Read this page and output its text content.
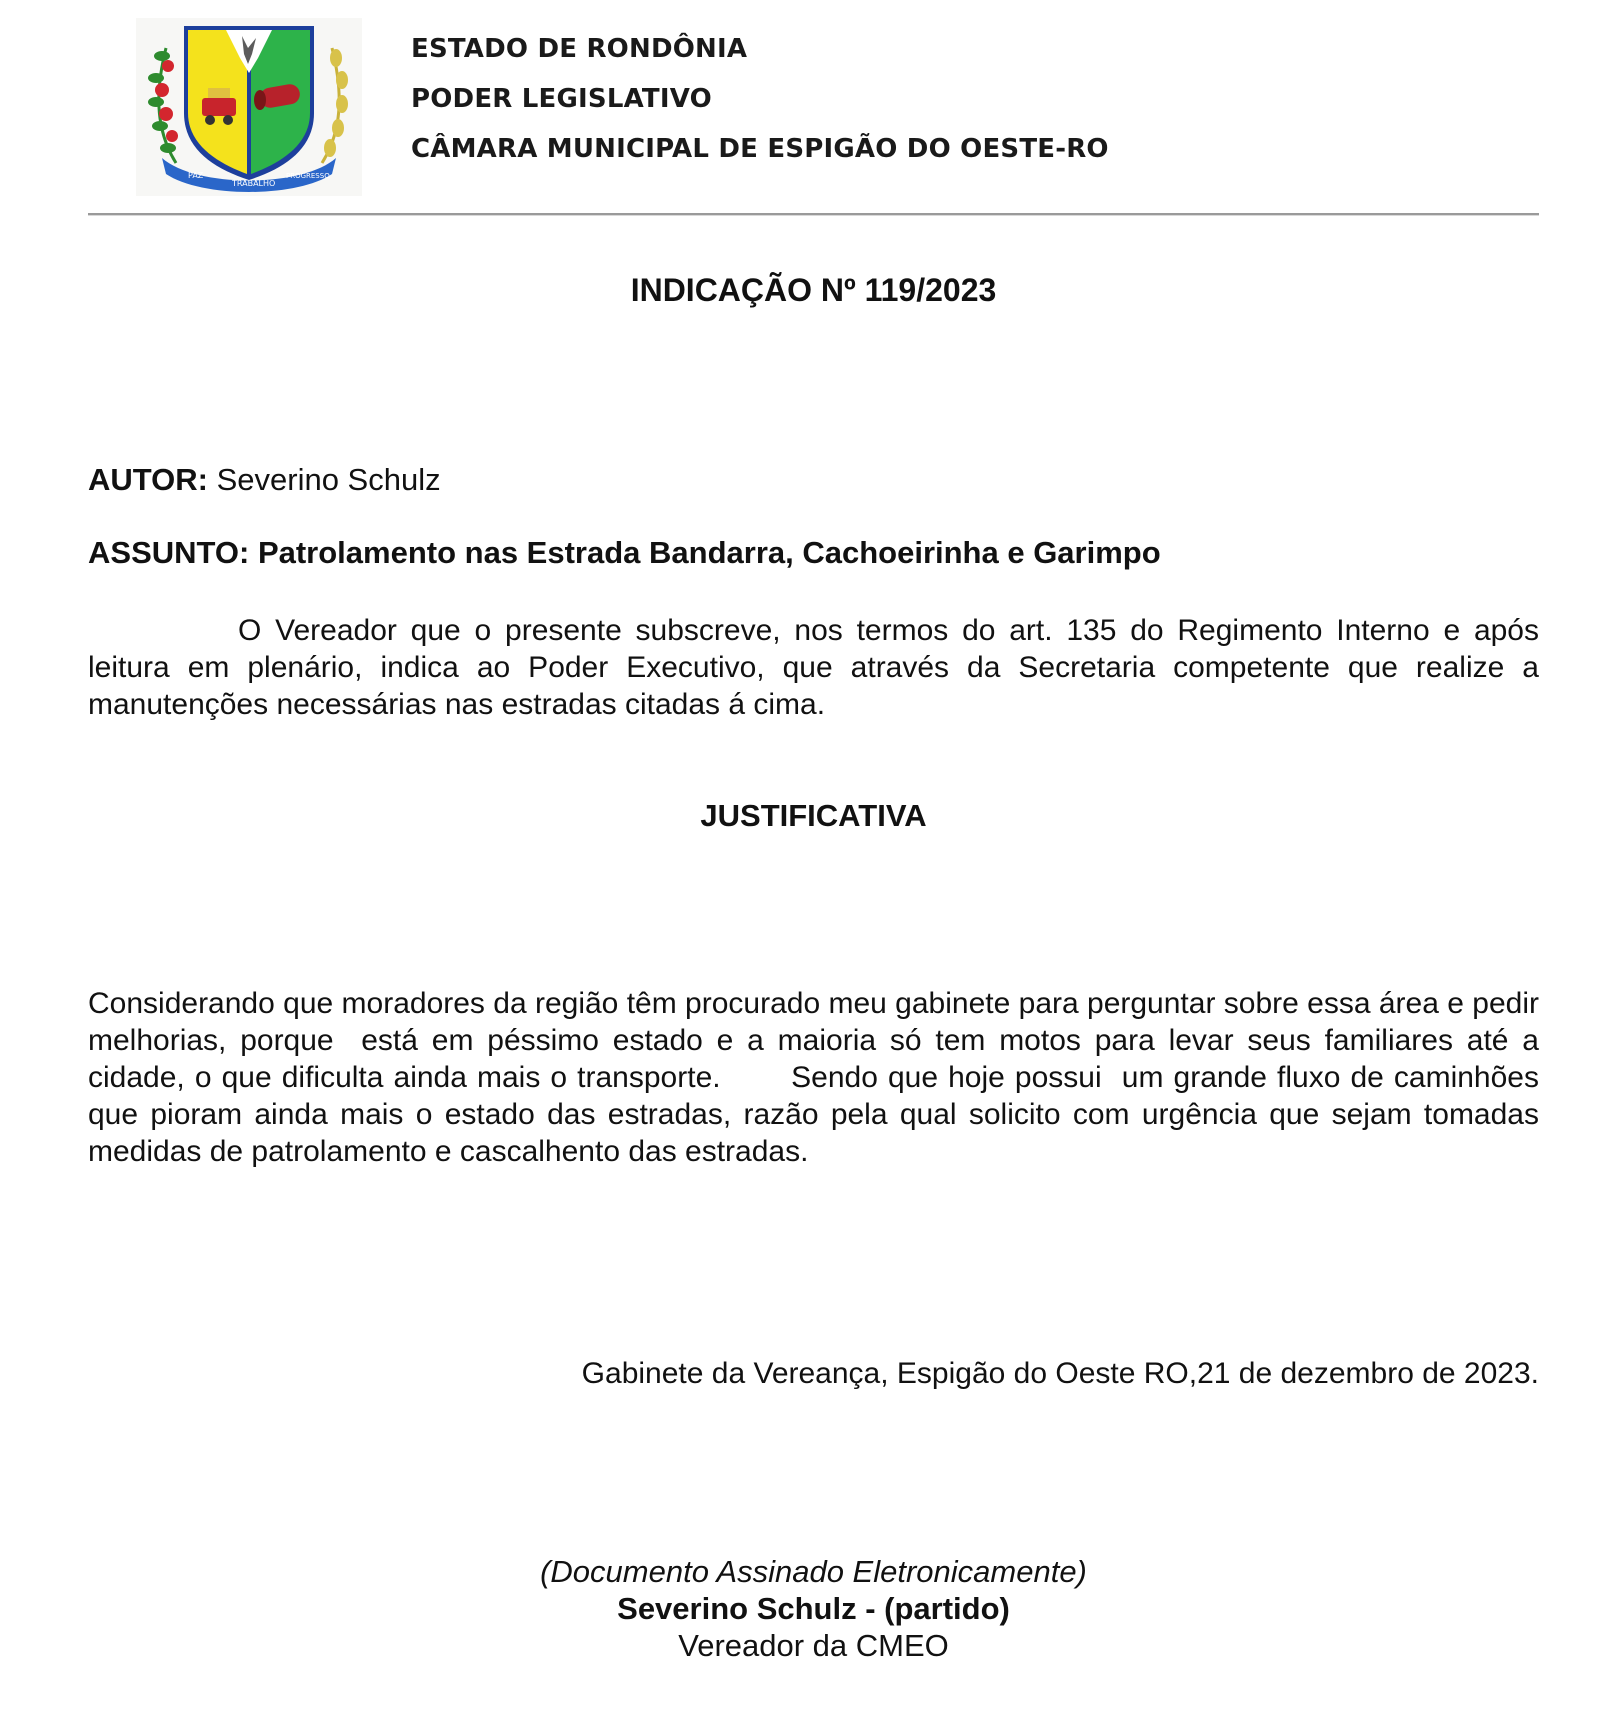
PAZ
TRABALHO
PROGRESSO
ESTADO DE RONDÔNIA
PODER LEGISLATIVO
CÂMARA MUNICIPAL DE ESPIGÃO DO OESTE-RO
INDICAÇÃO Nº 119/2023
AUTOR: Severino Schulz
ASSUNTO: Patrolamento nas Estrada Bandarra, Cachoeirinha e Garimpo
O Vereador que o presente subscreve, nos termos do art. 135 do Regimento Interno e após leitura em plenário, indica ao Poder Executivo, que através da Secretaria competente que realize a manutenções necessárias nas estradas citadas á cima.
JUSTIFICATIVA
Considerando que moradores da região têm procurado meu gabinete para perguntar sobre essa área e pedir melhorias, porque  está em péssimo estado e a maioria só tem motos para levar seus familiares até a cidade, o que dificulta ainda mais o transporte.       Sendo que hoje possui  um grande fluxo de caminhões que pioram ainda mais o estado das estradas, razão pela qual solicito com urgência que sejam tomadas medidas de patrolamento e cascalhento das estradas.
Gabinete da Vereança, Espigão do Oeste RO,21 de dezembro de 2023.
(Documento Assinado Eletronicamente)
Severino Schulz - (partido)
Vereador da CMEO
